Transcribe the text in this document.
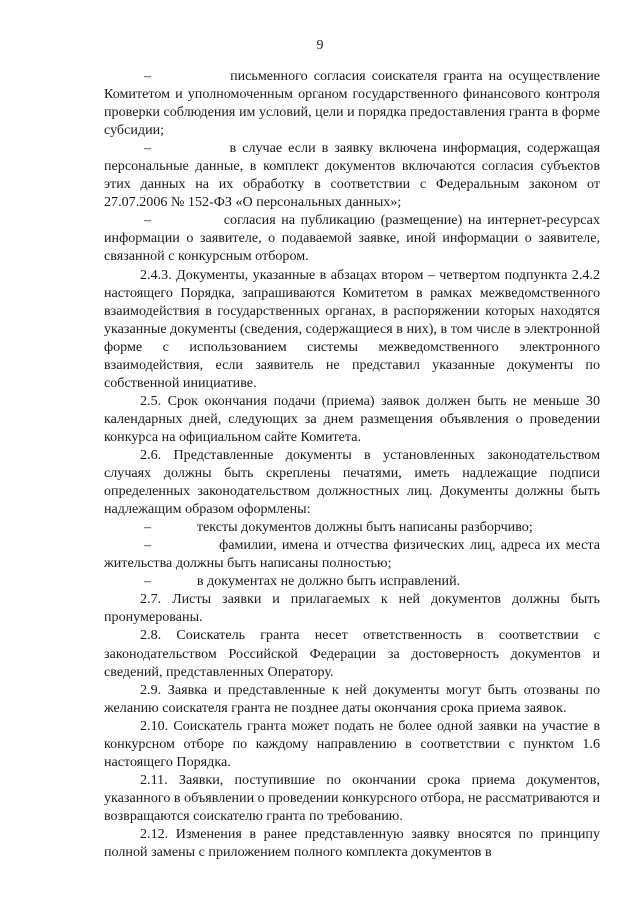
9

–             письменного согласия соискателя гранта на осуществление Комитетом и уполномоченным органом государственного финансового контроля проверки соблюдения им условий, цели и порядка предоставления гранта в форме субсидии;

–             в случае если в заявку включена информация, содержащая персональные данные, в комплект документов включаются согласия субъектов этих данных на их обработку в соответствии с Федеральным законом от 27.07.2006 № 152-ФЗ «О персональных данных»;

–             согласия на публикацию (размещение) на интернет-ресурсах информации о заявителе, о подаваемой заявке, иной информации о заявителе, связанной с конкурсным отбором.

2.4.3. Документы, указанные в абзацах втором – четвертом подпункта 2.4.2 настоящего Порядка, запрашиваются Комитетом в рамках межведомственного взаимодействия в государственных органах, в распоряжении которых находятся указанные документы (сведения, содержащиеся в них), в том числе в электронной форме с использованием системы межведомственного электронного взаимодействия, если заявитель не представил указанные документы по собственной инициативе.

2.5. Срок окончания подачи (приема) заявок должен быть не меньше 30 календарных дней, следующих за днем размещения объявления о проведении конкурса на официальном сайте Комитета.

2.6. Представленные документы в установленных законодательством случаях должны быть скреплены печатями, иметь надлежащие подписи определенных законодательством должностных лиц. Документы должны быть надлежащим образом оформлены:

–             тексты документов должны быть написаны разборчиво;

–             фамилии, имена и отчества физических лиц, адреса их места жительства должны быть написаны полностью;

–             в документах не должно быть исправлений.

2.7. Листы заявки и прилагаемых к ней документов должны быть пронумерованы.

2.8. Соискатель гранта несет ответственность в соответствии с законодательством Российской Федерации за достоверность документов и сведений, представленных Оператору.

2.9. Заявка и представленные к ней документы могут быть отозваны по желанию соискателя гранта не позднее даты окончания срока приема заявок.

2.10. Соискатель гранта может подать не более одной заявки на участие в конкурсном отборе по каждому направлению в соответствии с пунктом 1.6 настоящего Порядка.

2.11. Заявки, поступившие по окончании срока приема документов, указанного в объявлении о проведении конкурсного отбора, не рассматриваются и возвращаются соискателю гранта по требованию.

2.12. Изменения в ранее представленную заявку вносятся по принципу полной замены с приложением полного комплекта документов в
